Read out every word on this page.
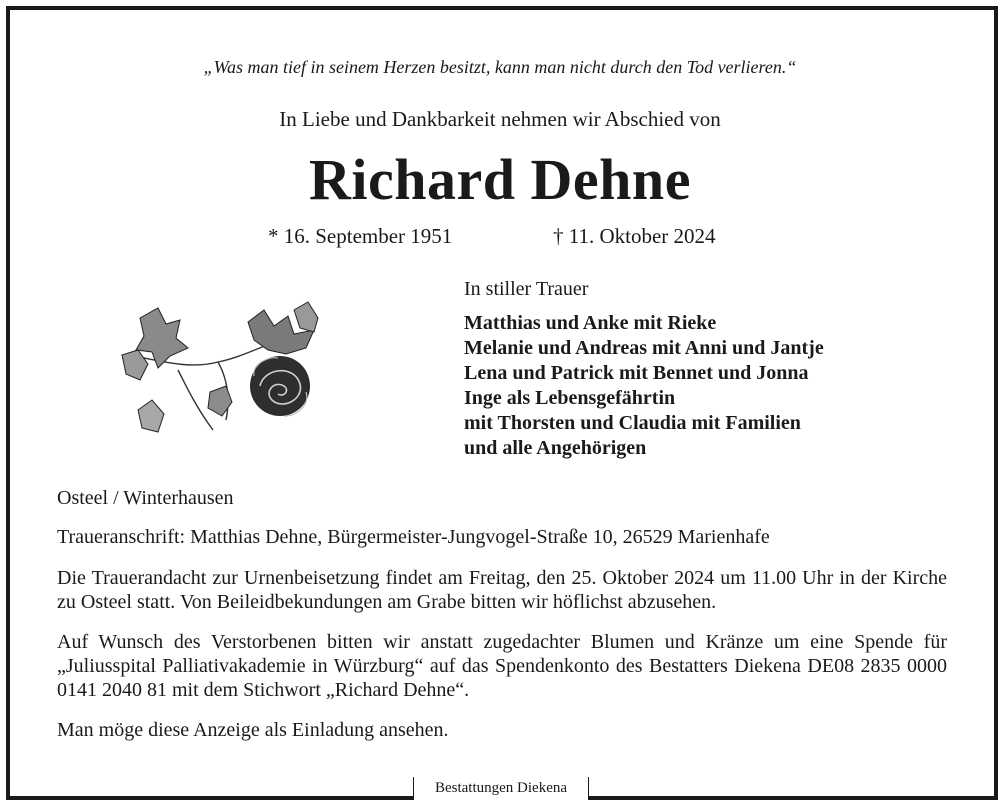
„Was man tief in seinem Herzen besitzt, kann man nicht durch den Tod verlieren.“
In Liebe und Dankbarkeit nehmen wir Abschied von
Richard Dehne
* 16. September 1951	† 11. Oktober 2024
In stiller Trauer
Matthias und Anke mit Rieke
Melanie und Andreas mit Anni und Jantje
Lena und Patrick mit Bennet und Jonna
Inge als Lebensgefährtin
mit Thorsten und Claudia mit Familien
und alle Angehörigen
Osteel / Winterhausen
Traueranschrift: Matthias Dehne, Bürgermeister-Jungvogel-Straße 10, 26529 Marienhafe
Die Trauerandacht zur Urnenbeisetzung findet am Freitag, den 25. Oktober 2024 um 11.00 Uhr in der Kirche zu Osteel statt. Von Beileidbekundungen am Grabe bitten wir höflichst abzusehen.
Auf Wunsch des Verstorbenen bitten wir anstatt zugedachter Blumen und Kränze um eine Spende für „Juliusspital Palliativakademie in Würzburg“ auf das Spendenkonto des Bestatters Diekena DE08 2835 0000 0141 2040 81 mit dem Stichwort „Richard Dehne“.
Man möge diese Anzeige als Einladung ansehen.
Bestattungen Diekena
